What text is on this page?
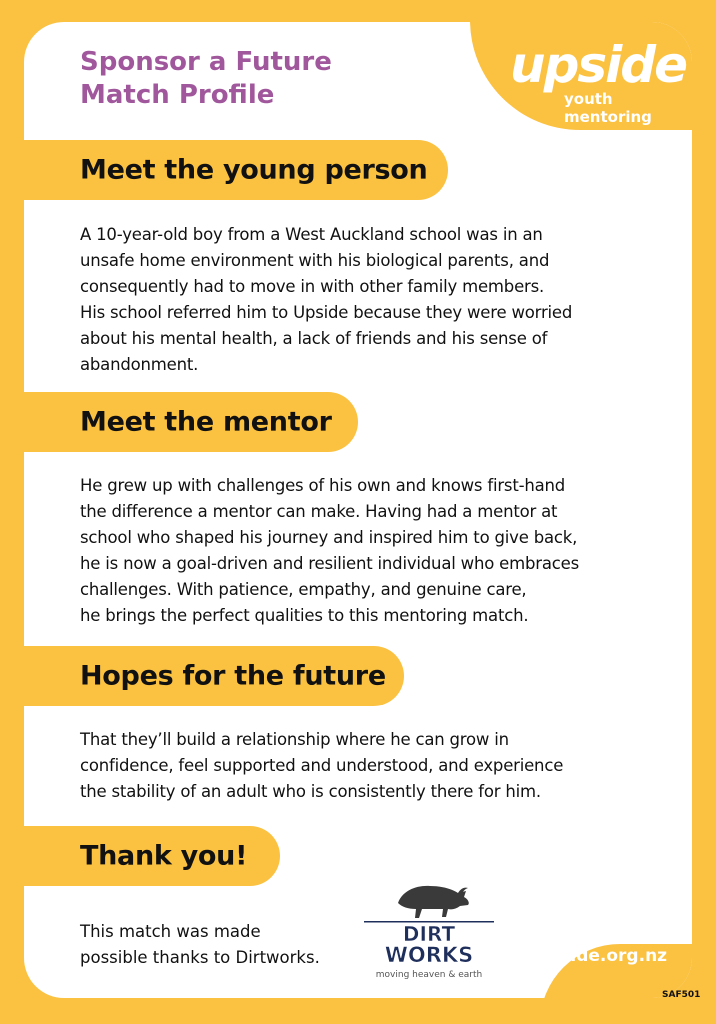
Sponsor a Future
Match Profile
upside
youth mentoring
Meet the young person

A 10-year-old boy from a West Auckland school was in an
unsafe home environment with his biological parents, and
consequently had to move in with other family members.
His school referred him to Upside because they were worried
about his mental health, a lack of friends and his sense of
abandonment.

Meet the mentor

He grew up with challenges of his own and knows first-hand
the difference a mentor can make. Having had a mentor at
school who shaped his journey and inspired him to give back,
he is now a goal-driven and resilient individual who embraces
challenges. With patience, empathy, and genuine care,
he brings the perfect qualities to this mentoring match.

Hopes for the future

That they’ll build a relationship where he can grow in
confidence, feel supported and understood, and experience
the stability of an adult who is consistently there for him.

Thank you!

This match was made
possible thanks to Dirtworks.

DIRT
WORKS
moving heaven & earth
upside.org.nz
SAF501
